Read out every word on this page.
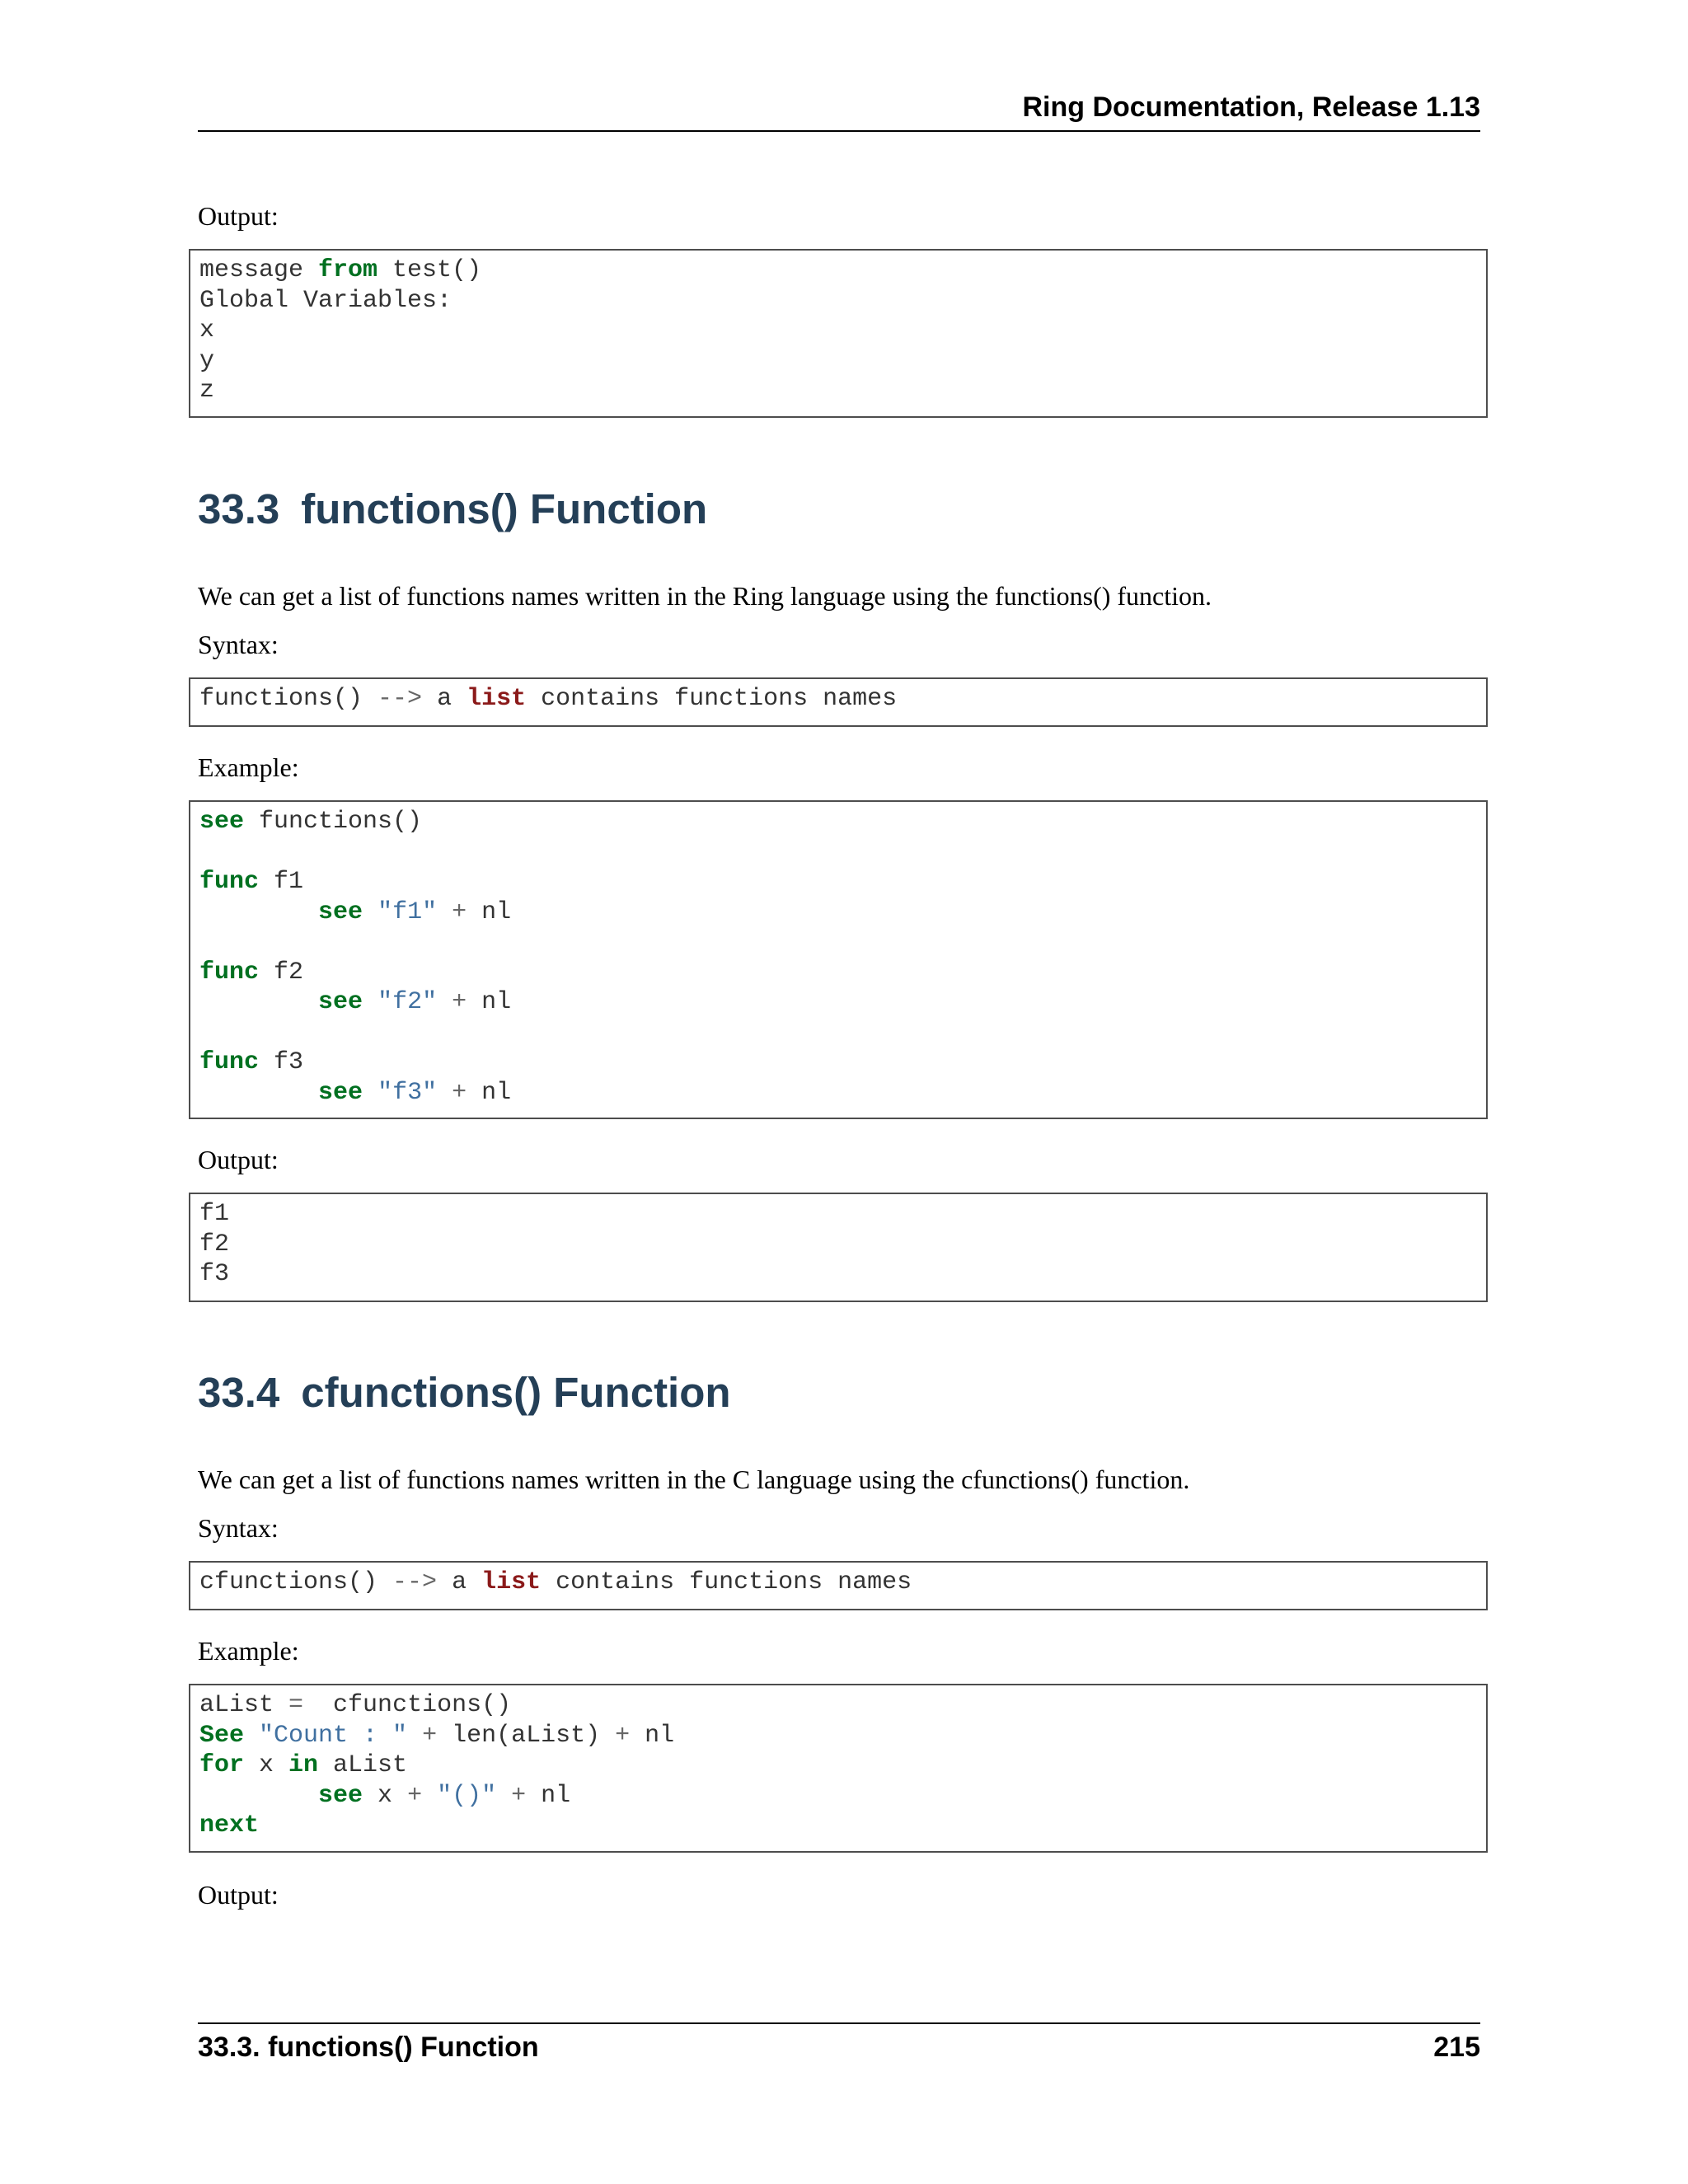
Ring Documentation, Release 1.13
Output:
message from test()
Global Variables:
x
y
z
33.3 functions() Function
We can get a list of functions names written in the Ring language using the functions() function.
Syntax:
functions() --> a list contains functions names
Example:
see functions()

func f1
see "f1" + nl

func f2
see "f2" + nl

func f3
see "f3" + nl
Output:
f1
f2
f3
33.4 cfunctions() Function
We can get a list of functions names written in the C language using the cfunctions() function.
Syntax:
cfunctions() --> a list contains functions names
Example:
aList =  cfunctions()
See "Count : " + len(aList) + nl
for x in aList
see x + "()" + nl
next
Output:
33.3. functions() Function	215
